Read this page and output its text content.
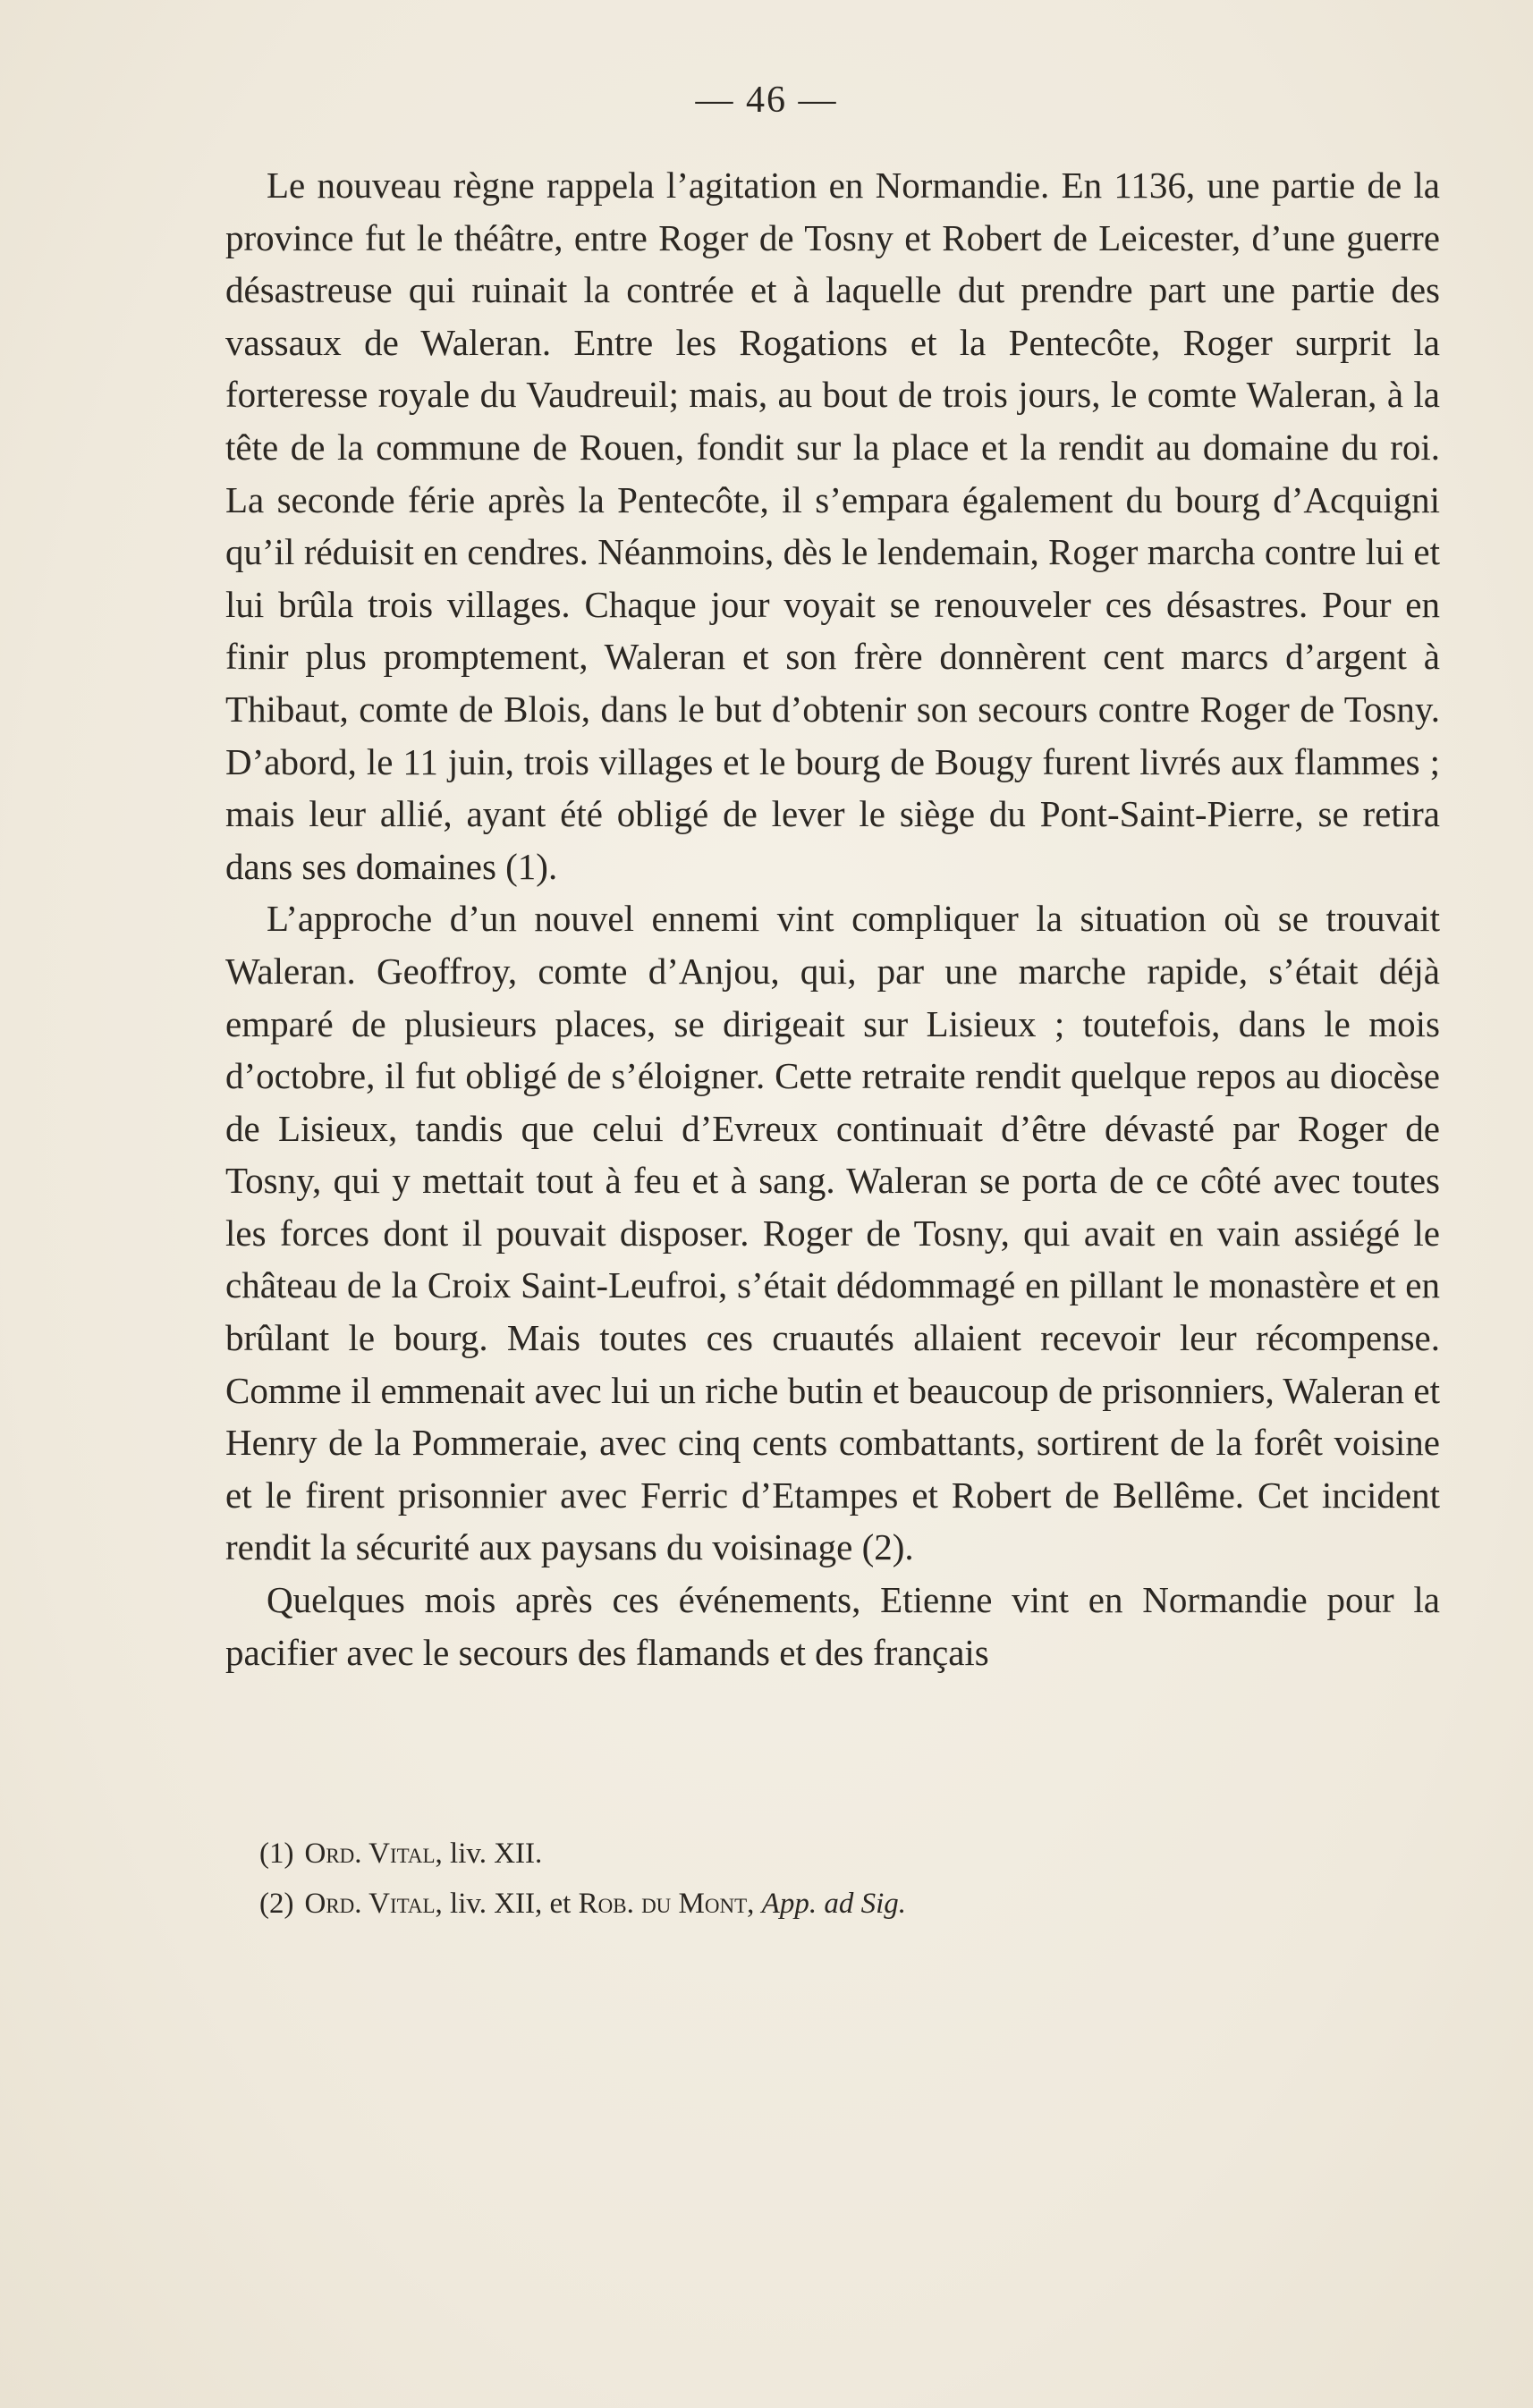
— 46 —

Le nouveau règne rappela l’agitation en Normandie. En 1136, une partie de la province fut le théâtre, entre Roger de Tosny et Robert de Leicester, d’une guerre désastreuse qui ruinait la contrée et à laquelle dut prendre part une partie des vassaux de Waleran. Entre les Rogations et la Pentecôte, Roger surprit la forteresse royale du Vaudreuil; mais, au bout de trois jours, le comte Waleran, à la tête de la commune de Rouen, fondit sur la place et la rendit au domaine du roi. La seconde férie après la Pentecôte, il s’empara également du bourg d’Acquigni qu’il réduisit en cendres. Néanmoins, dès le lendemain, Roger marcha contre lui et lui brûla trois villages. Chaque jour voyait se renouveler ces désastres. Pour en finir plus promptement, Waleran et son frère donnèrent cent marcs d’argent à Thibaut, comte de Blois, dans le but d’obtenir son secours contre Roger de Tosny. D’abord, le 11 juin, trois villages et le bourg de Bougy furent livrés aux flammes ; mais leur allié, ayant été obligé de lever le siège du Pont-Saint-Pierre, se retira dans ses domaines (1).

L’approche d’un nouvel ennemi vint compliquer la situation où se trouvait Waleran. Geoffroy, comte d’Anjou, qui, par une marche rapide, s’était déjà emparé de plusieurs places, se dirigeait sur Lisieux ; toutefois, dans le mois d’octobre, il fut obligé de s’éloigner. Cette retraite rendit quelque repos au diocèse de Lisieux, tandis que celui d’Evreux continuait d’être dévasté par Roger de Tosny, qui y mettait tout à feu et à sang. Waleran se porta de ce côté avec toutes les forces dont il pouvait disposer. Roger de Tosny, qui avait en vain assiégé le château de la Croix Saint-Leufroi, s’était dédommagé en pillant le monastère et en brûlant le bourg. Mais toutes ces cruautés allaient recevoir leur récompense. Comme il emmenait avec lui un riche butin et beaucoup de prisonniers, Waleran et Henry de la Pommeraie, avec cinq cents combattants, sortirent de la forêt voisine et le firent prisonnier avec Ferric d’Etampes et Robert de Bellême. Cet incident rendit la sécurité aux paysans du voisinage (2).

Quelques mois après ces événements, Etienne vint en Normandie pour la pacifier avec le secours des flamands et des français

(1) Ord. Vital, liv. XII.

(2) Ord. Vital, liv. XII, et Rob. du Mont, App. ad Sig.
